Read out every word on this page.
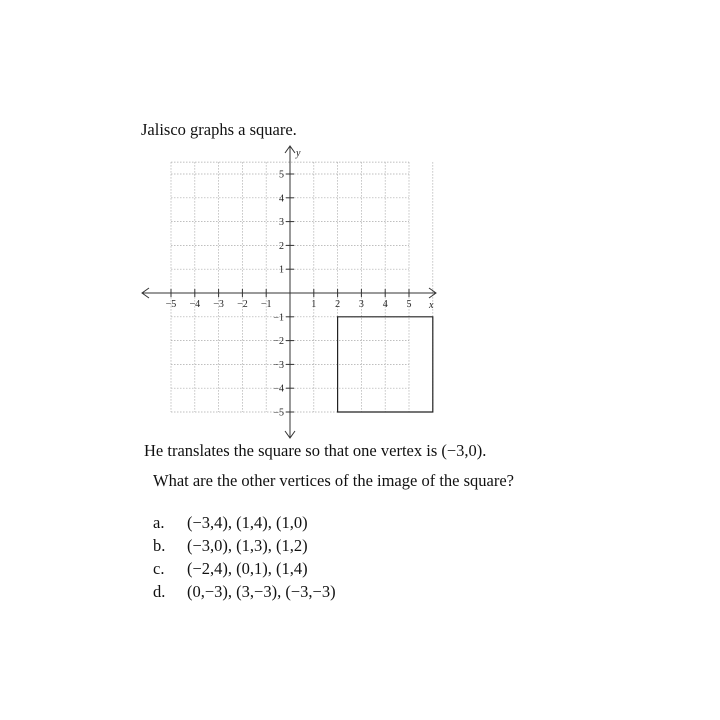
x
y
−5 −4 −3 −2 −1	1 2 3 4 5
5
4
3
2
1
−1
−2
−3
−4
−5
Jalisco graphs a square.
He translates the square so that one vertex is (−3,0).
What are the other vertices of the image of the square?
a. (−3,4), (1,4), (1,0)
b. (−3,0), (1,3), (1,2)
c. (−2,4), (0,1), (1,4)
d. (0,−3), (3,−3), (−3,−3)
